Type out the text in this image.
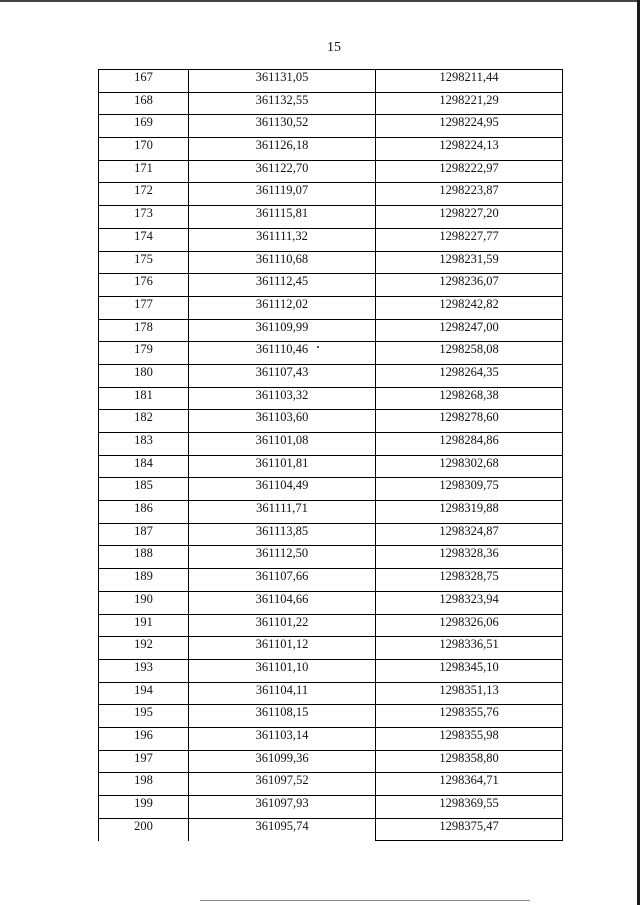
15
167	361131,05	1298211,44
168	361132,55	1298221,29
169	361130,52	1298224,95
170	361126,18	1298224,13
171	361122,70	1298222,97
172	361119,07	1298223,87
173	361115,81	1298227,20
174	361111,32	1298227,77
175	361110,68	1298231,59
176	361112,45	1298236,07
177	361112,02	1298242,82
178	361109,99	1298247,00
179	361110,46	1298258,08
180	361107,43	1298264,35
181	361103,32	1298268,38
182	361103,60	1298278,60
183	361101,08	1298284,86
184	361101,81	1298302,68
185	361104,49	1298309,75
186	361111,71	1298319,88
187	361113,85	1298324,87
188	361112,50	1298328,36
189	361107,66	1298328,75
190	361104,66	1298323,94
191	361101,22	1298326,06
192	361101,12	1298336,51
193	361101,10	1298345,10
194	361104,11	1298351,13
195	361108,15	1298355,76
196	361103,14	1298355,98
197	361099,36	1298358,80
198	361097,52	1298364,71
199	361097,93	1298369,55
200	361095,74	1298375,47
